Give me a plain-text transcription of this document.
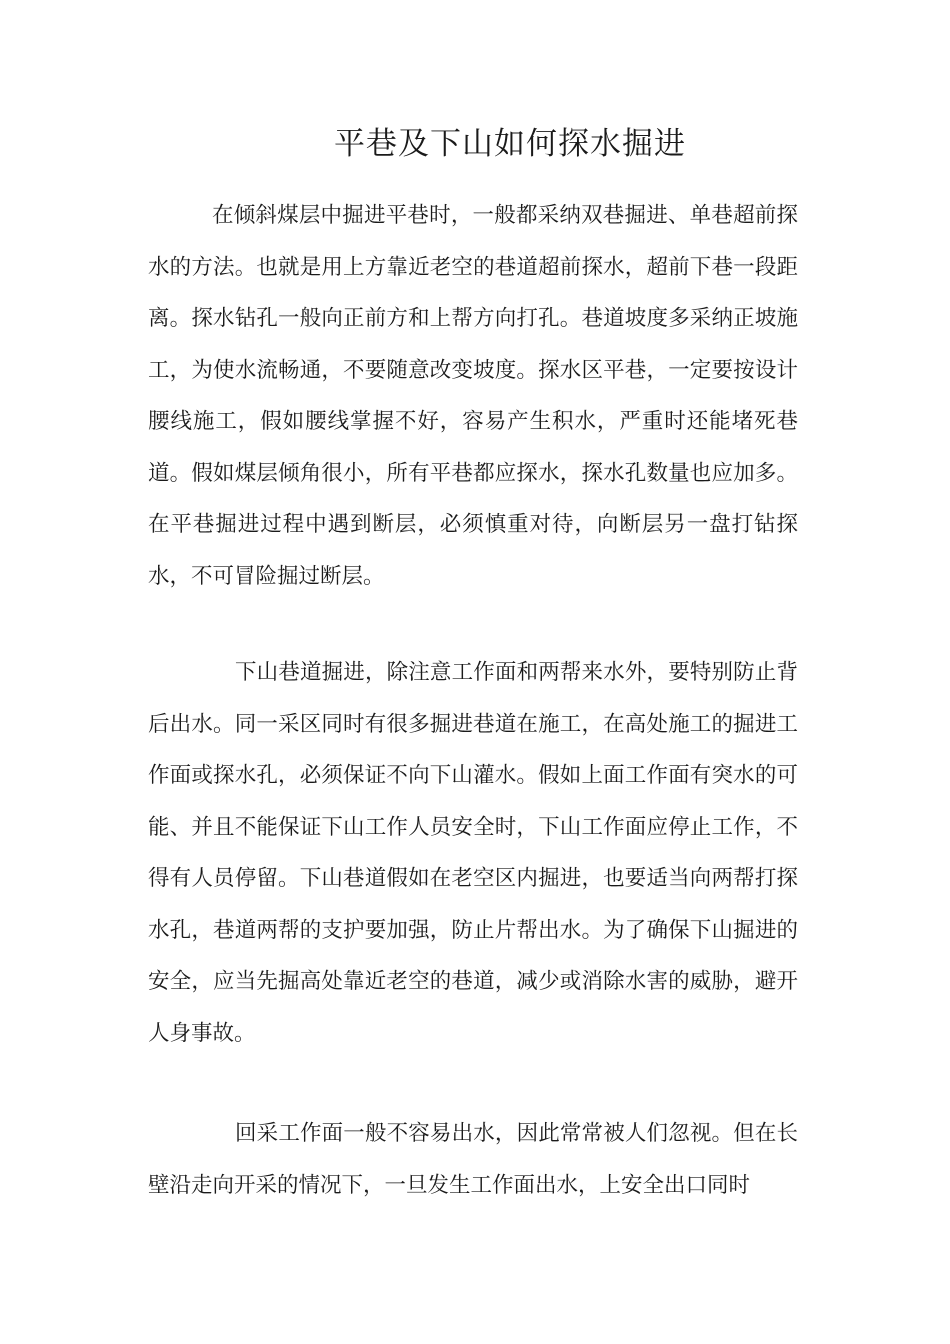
平巷及下山如何探水掘进

在倾斜煤层中掘进平巷时，一般都采纳双巷掘进、单巷超前探水的方法。也就是用上方靠近老空的巷道超前探水，超前下巷一段距离。探水钻孔一般向正前方和上帮方向打孔。巷道坡度多采纳正坡施工，为使水流畅通，不要随意改变坡度。探水区平巷，一定要按设计腰线施工，假如腰线掌握不好，容易产生积水，严重时还能堵死巷道。假如煤层倾角很小，所有平巷都应探水，探水孔数量也应加多。在平巷掘进过程中遇到断层，必须慎重对待，向断层另一盘打钻探水，不可冒险掘过断层。

下山巷道掘进，除注意工作面和两帮来水外，要特别防止背后出水。同一采区同时有很多掘进巷道在施工，在高处施工的掘进工作面或探水孔，必须保证不向下山灌水。假如上面工作面有突水的可能、并且不能保证下山工作人员安全时，下山工作面应停止工作，不得有人员停留。下山巷道假如在老空区内掘进，也要适当向两帮打探水孔，巷道两帮的支护要加强，防止片帮出水。为了确保下山掘进的安全，应当先掘高处靠近老空的巷道，减少或消除水害的威胁，避开人身事故。

回采工作面一般不容易出水，因此常常被人们忽视。但在长壁沿走向开采的情况下，一旦发生工作面出水，上安全出口同时
